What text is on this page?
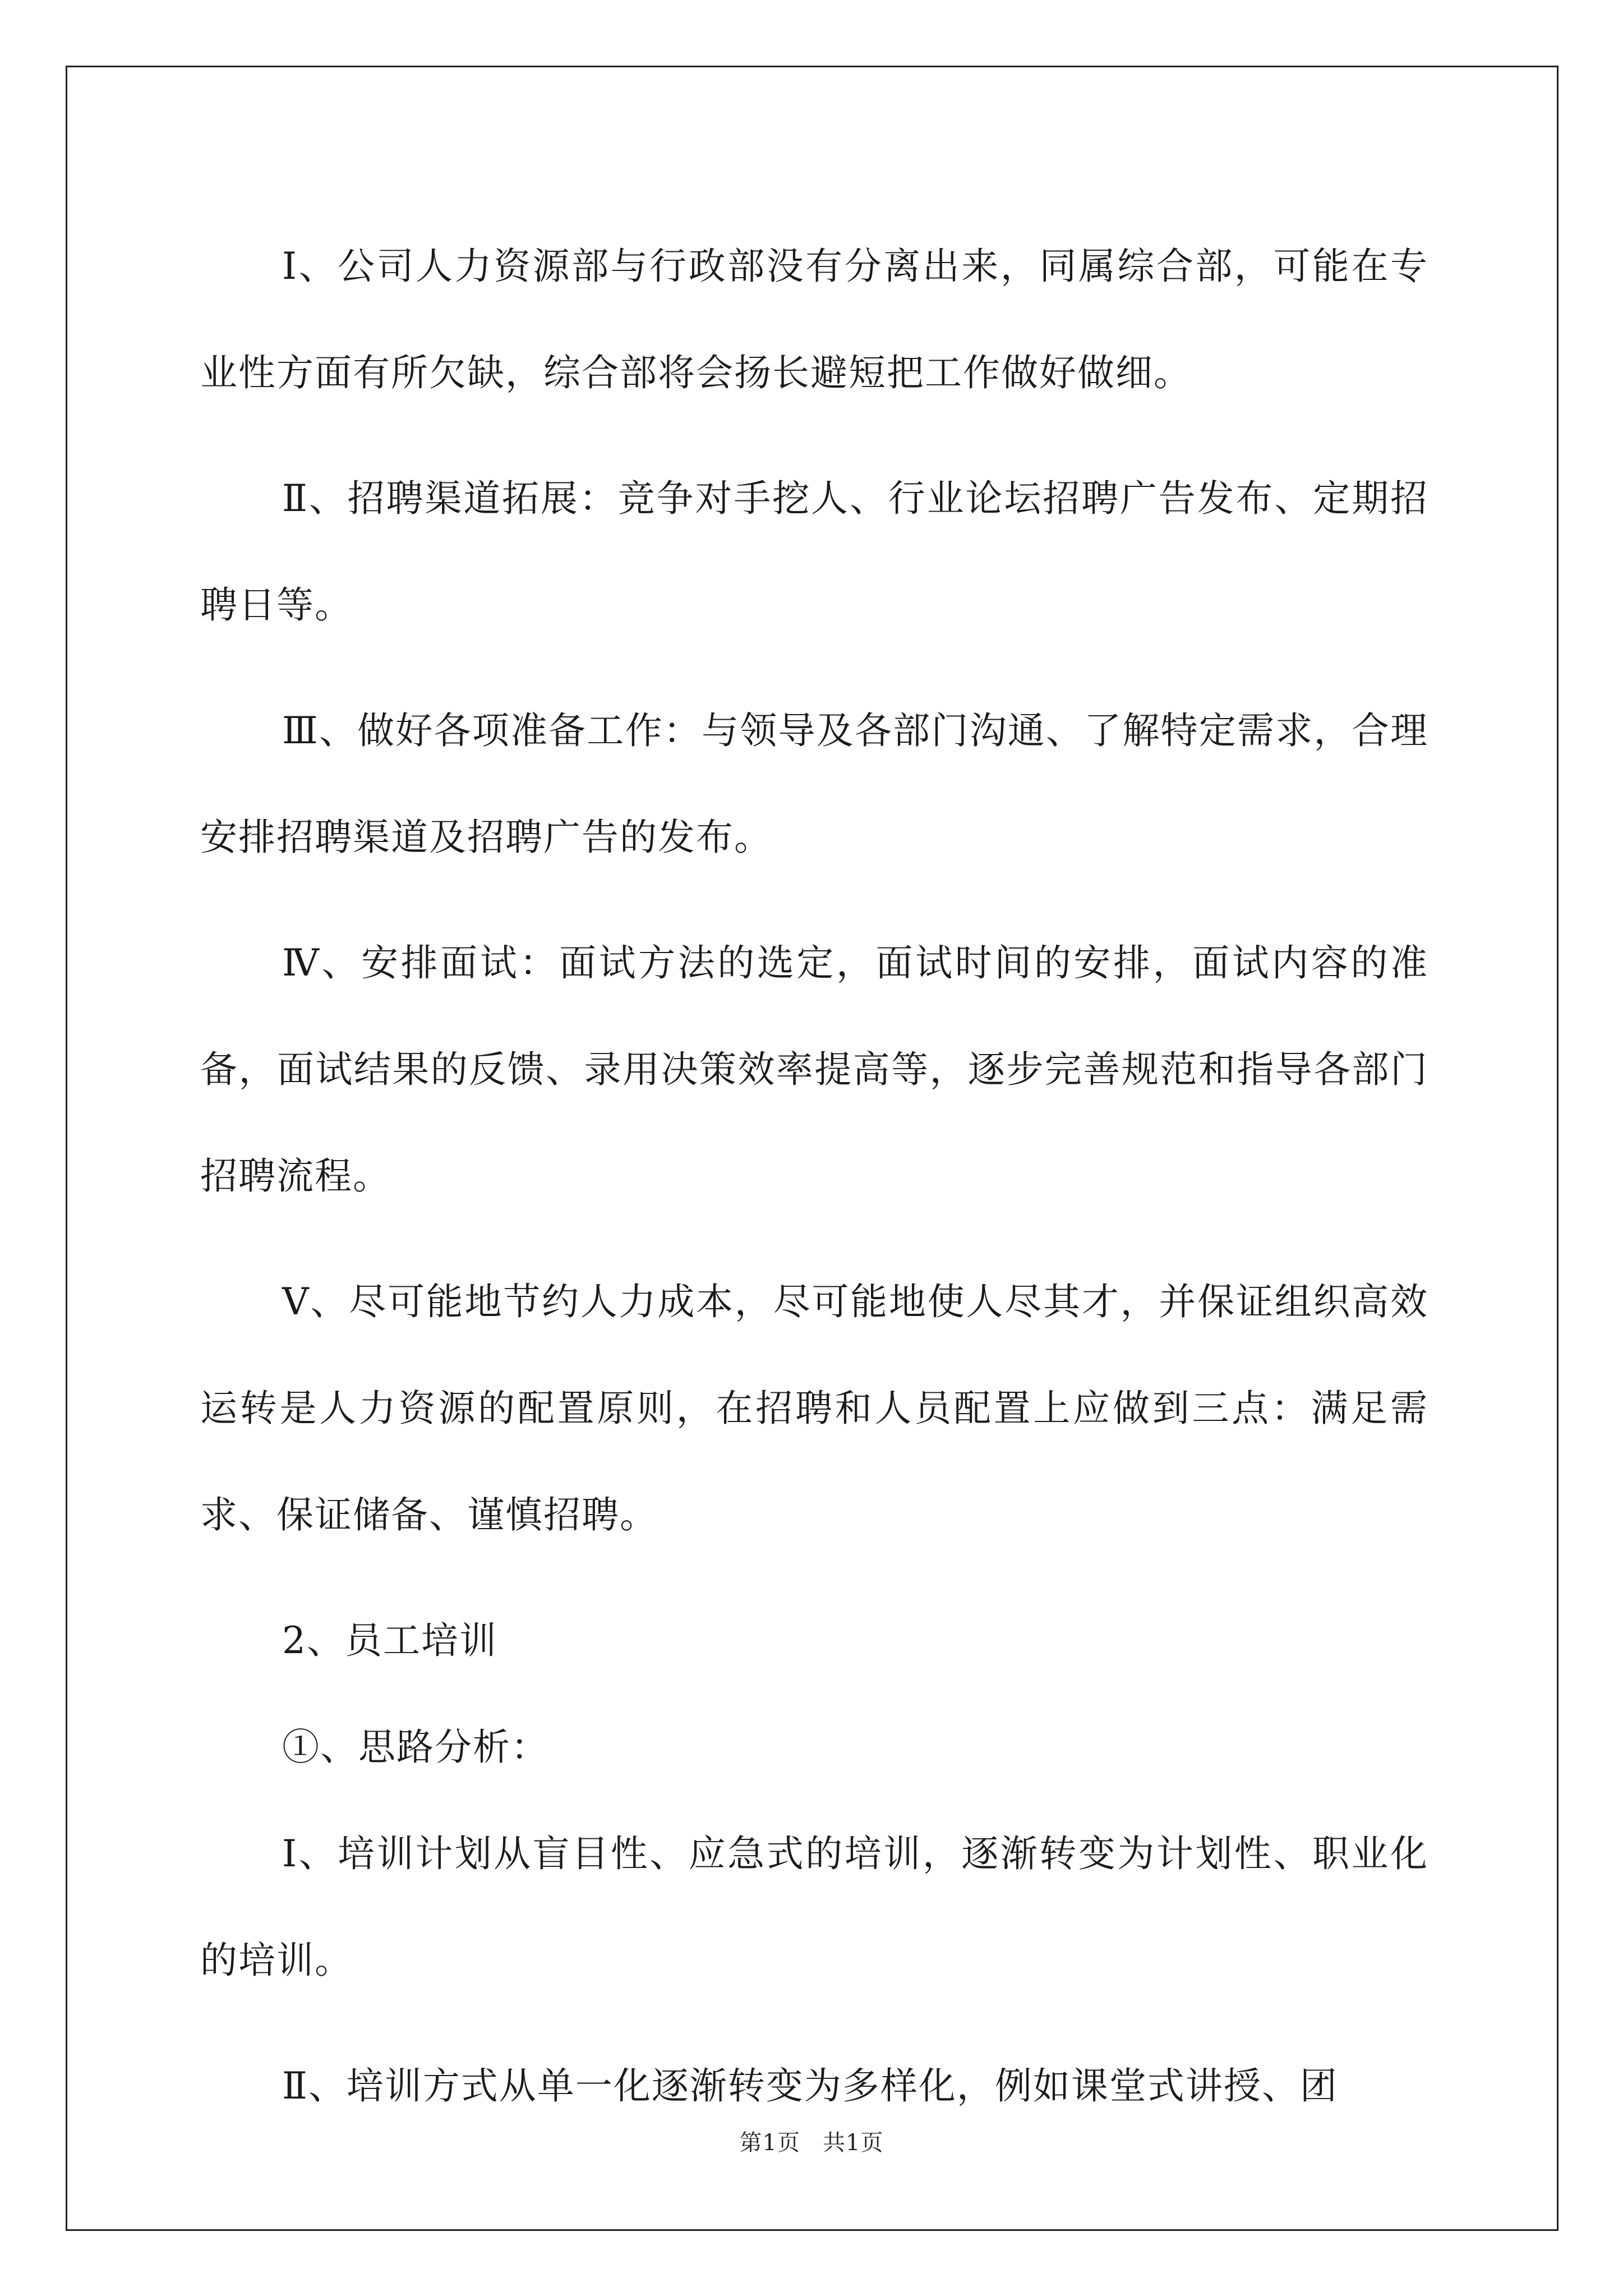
Ⅰ、公司人力资源部与行政部没有分离出来，同属综合部，可能在专业性方面有所欠缺，综合部将会扬长避短把工作做好做细。

Ⅱ、招聘渠道拓展：竞争对手挖人、行业论坛招聘广告发布、定期招聘日等。

Ⅲ、做好各项准备工作：与领导及各部门沟通、了解特定需求，合理安排招聘渠道及招聘广告的发布。

Ⅳ、安排面试：面试方法的选定，面试时间的安排，面试内容的准备，面试结果的反馈、录用决策效率提高等，逐步完善规范和指导各部门招聘流程。

Ⅴ、尽可能地节约人力成本，尽可能地使人尽其才，并保证组织高效运转是人力资源的配置原则，在招聘和人员配置上应做到三点：满足需求、保证储备、谨慎招聘。

2、员工培训

①、思路分析：

Ⅰ、培训计划从盲目性、应急式的培训，逐渐转变为计划性、职业化的培训。

Ⅱ、培训方式从单一化逐渐转变为多样化，例如课堂式讲授、团

第1页 共1页
